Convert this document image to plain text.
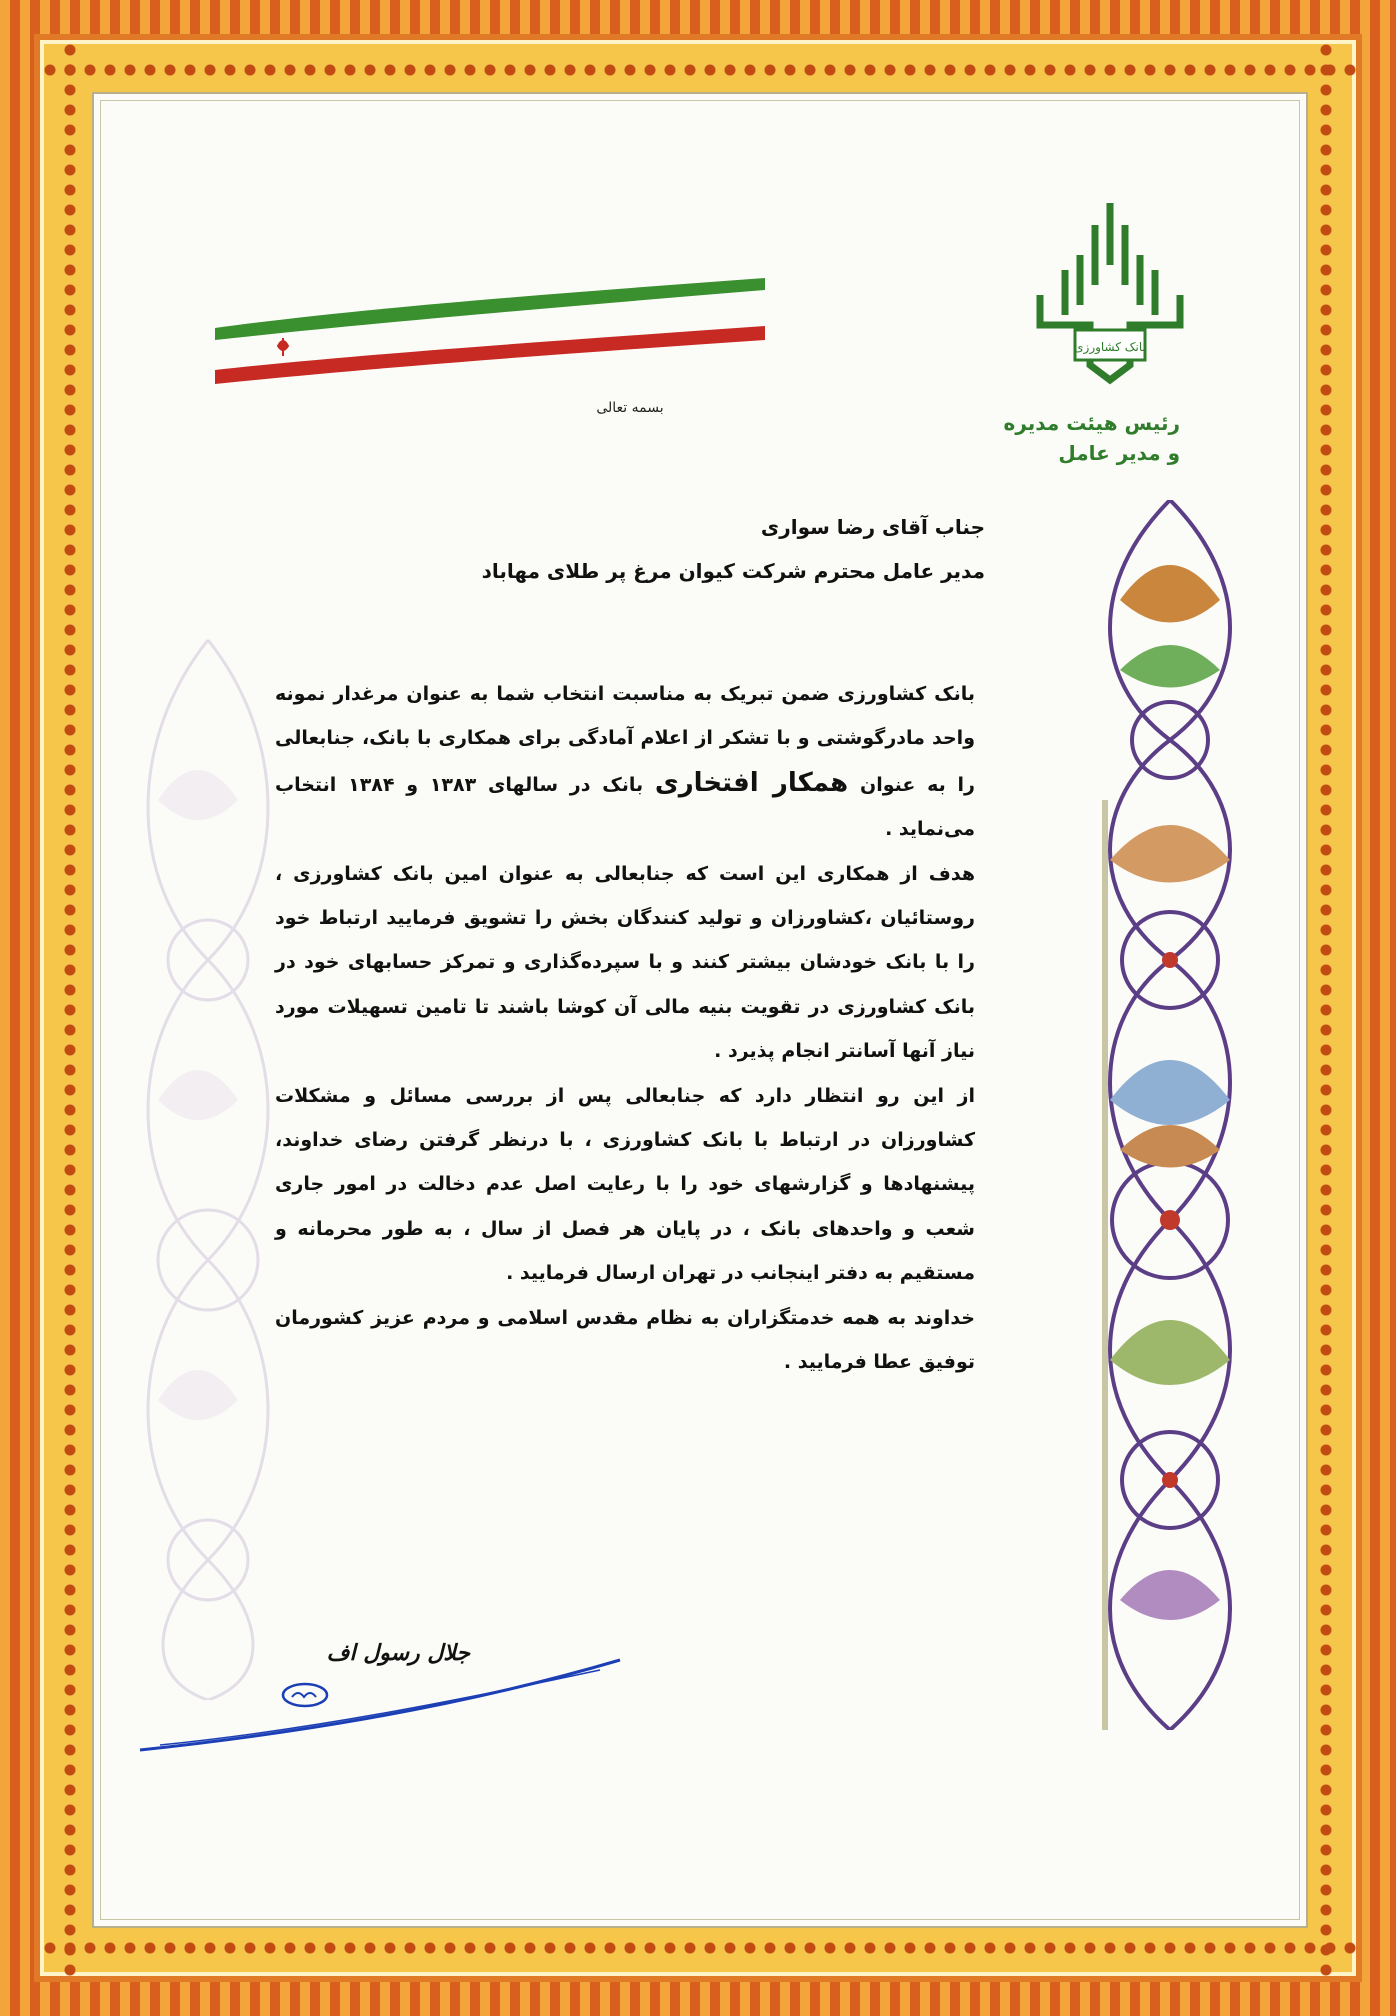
بانک کشاورزی
رئیس هیئت مدیره
و مدیر عامل
بسمه تعالی
جناب آقای رضا سواری
مدیر عامل محترم شرکت کیوان مرغ پر طلای مهاباد

بانک کشاورزی ضمن تبریک به مناسبت انتخاب شما به عنوان مرغدار نمونه واحد مادرگوشتی و با تشکر از اعلام آمادگی برای همکاری با بانک، جنابعالی را به عنوان همکار افتخاری بانک در سالهای ۱۳۸۳ و ۱۳۸۴ انتخاب می‌نماید .

هدف از همکاری این است که جنابعالی به عنوان امین بانک کشاورزی ، روستائیان ،کشاورزان و تولید کنندگان بخش را تشویق فرمایید ارتباط خود را با بانک خودشان بیشتر کنند و با سپرده‌گذاری و تمرکز حسابهای خود در بانک کشاورزی در تقویت بنیه مالی آن کوشا باشند تا تامین تسهیلات مورد نیاز آنها آسانتر انجام پذیرد .

از این رو انتظار دارد که جنابعالی پس از بررسی مسائل و مشکلات کشاورزان در ارتباط با بانک کشاورزی ، با درنظر گرفتن رضای خداوند، پیشنهادها و گزارشهای خود را با رعایت اصل عدم دخالت در امور جاری شعب و واحدهای بانک ، در پایان هر فصل از سال ، به طور محرمانه و مستقیم به دفتر اینجانب در تهران ارسال فرمایید .

خداوند به همه خدمتگزاران به نظام مقدس اسلامی و مردم عزیز کشورمان توفیق عطا فرمایید .

جلال رسول اف
